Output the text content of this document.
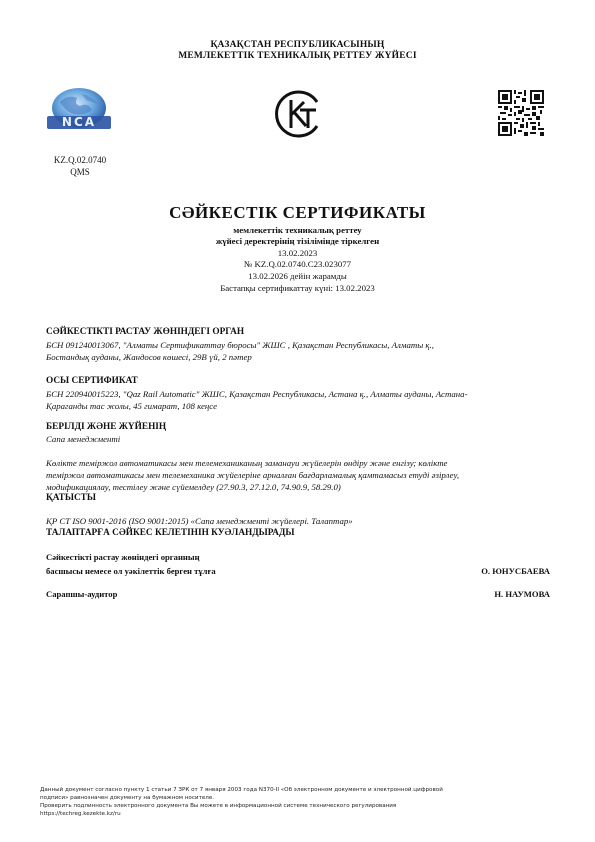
ҚАЗАҚСТАН РЕСПУБЛИКАСЫНЫҢ
МЕМЛЕКЕТТІК ТЕХНИКАЛЫҚ РЕТТЕУ ЖҮЙЕСІ
NCA
KZ.Q.02.0740
QMS
СӘЙКЕСТІК СЕРТИФИКАТЫ
мемлекеттік техникалық реттеу
жүйесі деректерінің тізілімінде тіркелген
13.02.2023
№ KZ.Q.02.0740.C23.023077
13.02.2026 дейін жарамды
Бастапқы сертификаттау күні: 13.02.2023
СӘЙКЕСТІКТІ РАСТАУ ЖӨНІНДЕГІ ОРГАН
БСН 091240013067, "Алматы Сертификаттау бюросы" ЖШС , Қазақстан Республикасы, Алматы қ.,
Бостандық ауданы, Жандосов көшесі, 29В үй, 2 пәтер
ОСЫ СЕРТИФИКАТ
БСН 220940015223, "Qaz Rail Automatic" ЖШС, Қазақстан Республикасы, Астана қ., Алматы ауданы, Астана-
Қараганды тас жолы, 45 гимарат, 108 кеңсе
БЕРІЛДІ ЖӘНЕ ЖҮЙЕНІҢ
Сапа менеджменті
Көлікте теміржол автоматикасы мен телемеханиканың заманауи жүйелерін өндіру және енгізу; көлікте
теміржол автоматикасы мен телемеханика жүйелеріне арналған бағдарламалық қамтамасыз етуді әзірлеу,
модификациялау, тестілеу және сүйемелдеу (27.90.3, 27.12.0, 74.90.9, 58.29.0)
ҚАТЫСТЫ
ҚР СТ ISO 9001-2016 (ISO 9001:2015) «Сапа менеджменті жүйелері. Талаптар»
ТАЛАПТАРҒА СӘЙКЕС КЕЛЕТІНІН КУӘЛАНДЫРАДЫ
Сәйкестікті растау жөніндегі органның
басшысы немесе ол уәкілеттік берген тұлға	О. ЮНУСБАЕВА
Сарапшы-аудитор	Н. НАУМОВА
Данный документ согласно пункту 1 статьи 7 ЗРК от 7 января 2003 года N370-II «Об электронном документе и электронной цифровой
подписи» равнозначен документу на бумажном носителе.
Проверить подлинность электронного документа Вы можете в информационной системе технического регулирования
https://techreg.kezekte.kz/ru
